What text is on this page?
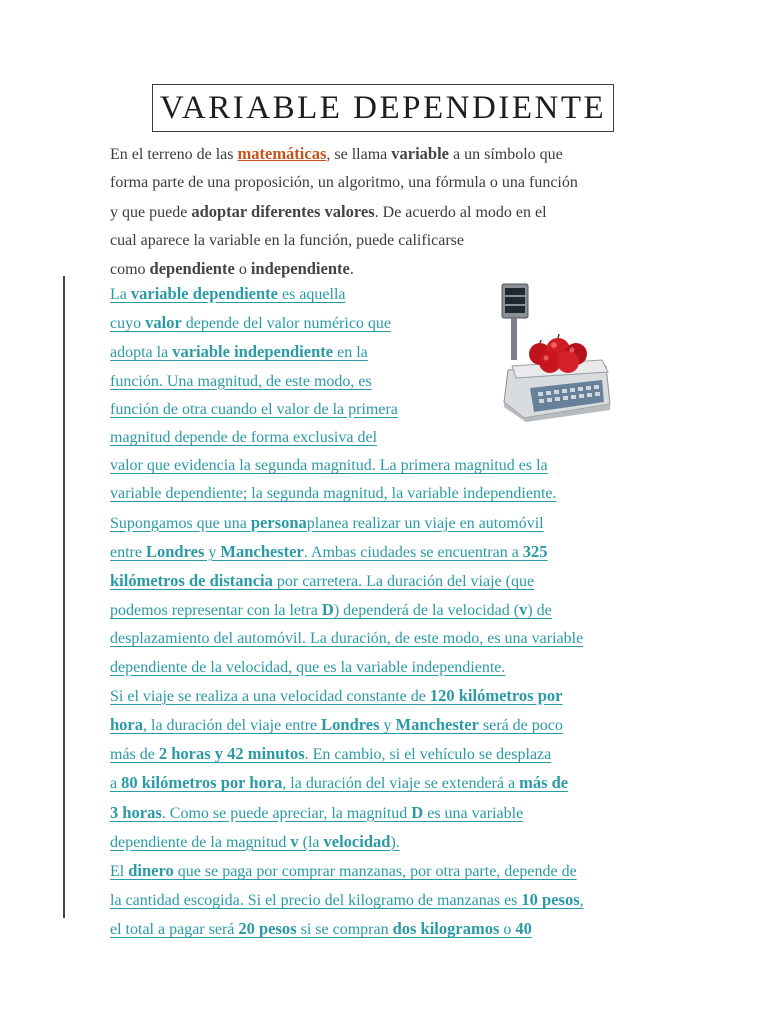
VARIABLE DEPENDIENTE

En el terreno de las matemáticas, se llama variable a un símbolo que
forma parte de una proposición, un algoritmo, una fórmula o una función
y que puede adoptar diferentes valores. De acuerdo al modo en el
cual aparece la variable en la función, puede calificarse
como dependiente o independiente.

La variable dependiente es aquella
cuyo valor depende del valor numérico que
adopta la variable independiente en la
función. Una magnitud, de este modo, es
función de otra cuando el valor de la primera
magnitud depende de forma exclusiva del
valor que evidencia la segunda magnitud. La primera magnitud es la
variable dependiente; la segunda magnitud, la variable independiente.
Supongamos que una personaplanea realizar un viaje en automóvil
entre Londres y Manchester. Ambas ciudades se encuentran a 325
kilómetros de distancia por carretera. La duración del viaje (que
podemos representar con la letra D) dependerá de la velocidad (v) de
desplazamiento del automóvil. La duración, de este modo, es una variable
dependiente de la velocidad, que es la variable independiente.
Si el viaje se realiza a una velocidad constante de 120 kilómetros por
hora, la duración del viaje entre Londres y Manchester será de poco
más de 2 horas y 42 minutos. En cambio, si el vehículo se desplaza
a 80 kilómetros por hora, la duración del viaje se extenderá a más de
3 horas. Como se puede apreciar, la magnitud D es una variable
dependiente de la magnitud v (la velocidad).
El dinero que se paga por comprar manzanas, por otra parte, depende de
la cantidad escogida. Si el precio del kilogramo de manzanas es 10 pesos,
el total a pagar será 20 pesos si se compran dos kilogramos o 40
